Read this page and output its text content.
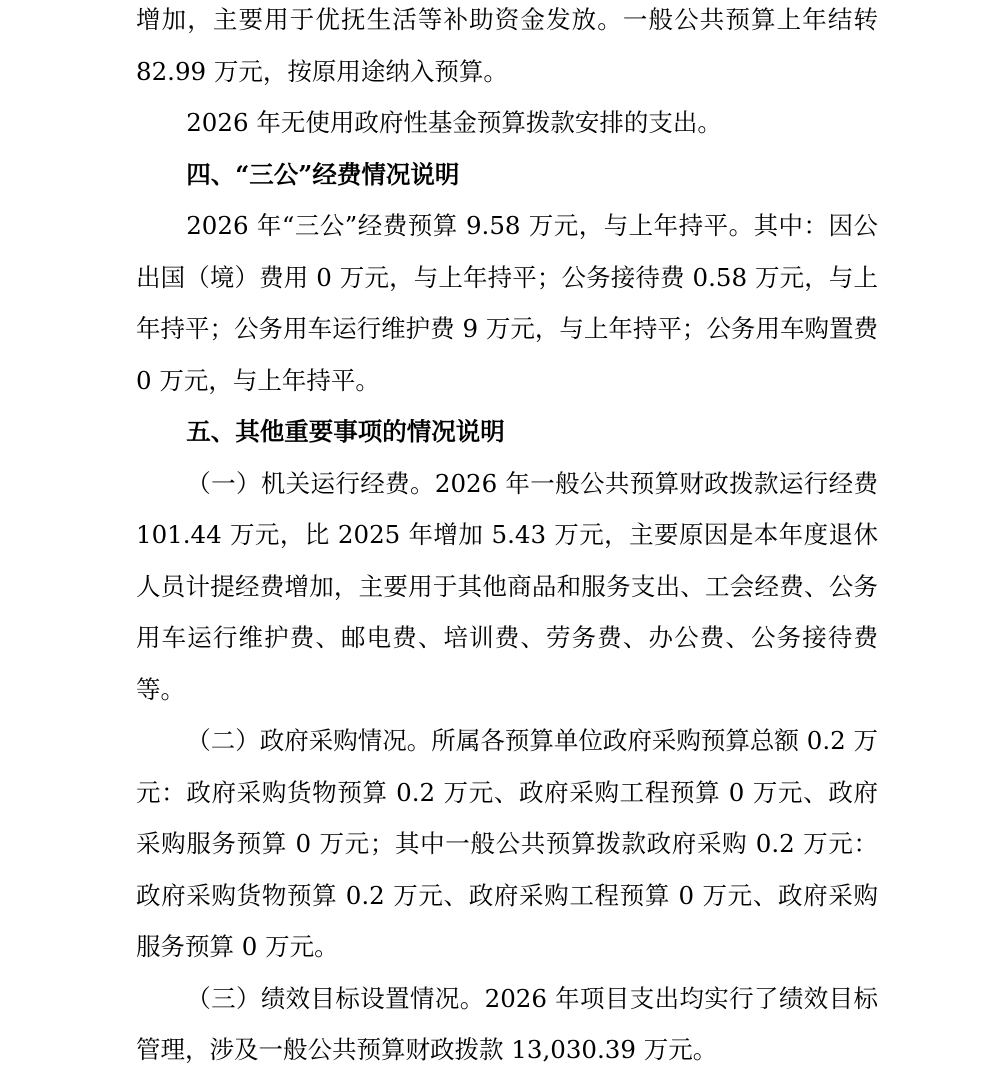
增加，主要用于优抚生活等补助资金发放。一般公共预算上年结转 82.99 万元，按原用途纳入预算。

2026 年无使用政府性基金预算拨款安排的支出。

四、“三公”经费情况说明

2026 年“三公”经费预算 9.58 万元，与上年持平。其中：因公出国（境）费用 0 万元，与上年持平；公务接待费 0.58 万元，与上年持平；公务用车运行维护费 9 万元，与上年持平；公务用车购置费 0 万元，与上年持平。

五、其他重要事项的情况说明

（一）机关运行经费。2026 年一般公共预算财政拨款运行经费 101.44 万元，比 2025 年增加 5.43 万元，主要原因是本年度退休人员计提经费增加，主要用于其他商品和服务支出、工会经费、公务用车运行维护费、邮电费、培训费、劳务费、办公费、公务接待费等。

（二）政府采购情况。所属各预算单位政府采购预算总额 0.2 万元：政府采购货物预算 0.2 万元、政府采购工程预算 0 万元、政府采购服务预算 0 万元；其中一般公共预算拨款政府采购 0.2 万元：政府采购货物预算 0.2 万元、政府采购工程预算 0 万元、政府采购服务预算 0 万元。

（三）绩效目标设置情况。2026 年项目支出均实行了绩效目标管理，涉及一般公共预算财政拨款 13,030.39 万元。
